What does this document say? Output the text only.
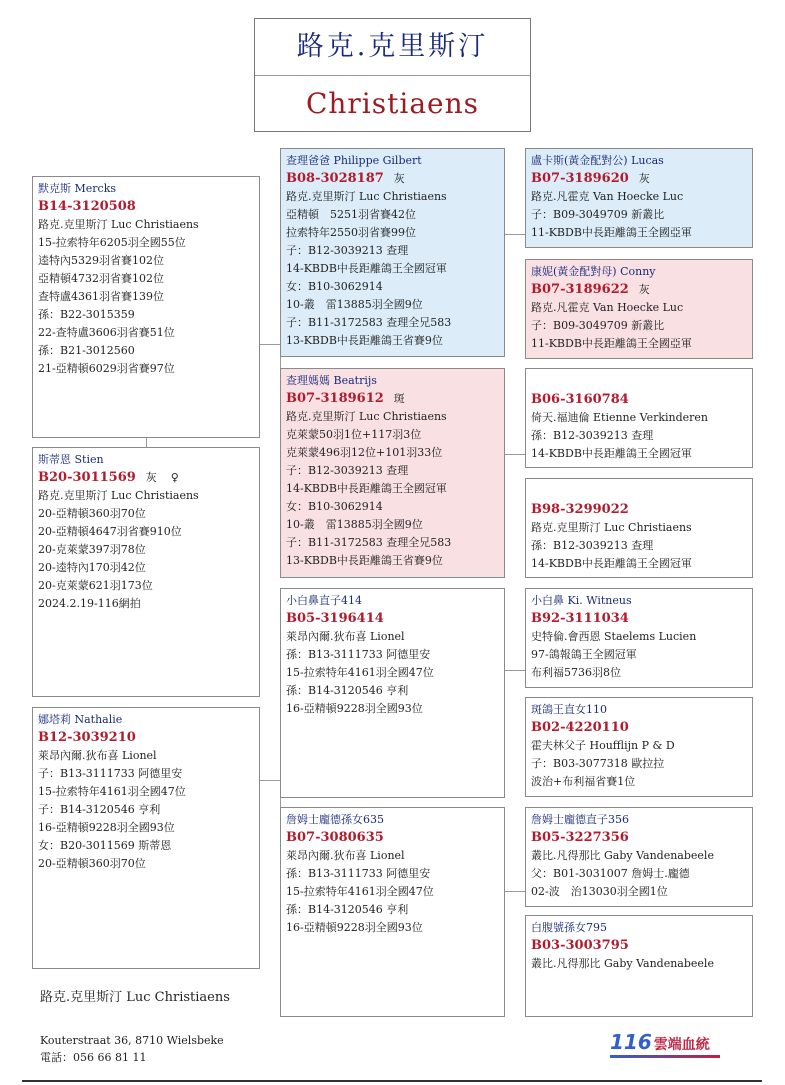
路克.克里斯汀
Christiaens
默克斯 Mercks
B14-3120508
路克.克里斯汀 Luc Christiaens
15-拉索特年6205羽全國55位
逵特內5329羽省賽102位
亞精頓4732羽省賽102位
查特盧4361羽省賽139位
孫：B22-3015359
22-查特盧3606羽省賽51位
孫：B21-3012560
21-亞精頓6029羽省賽97位
斯蒂恩 Stien
B20-3011569 灰 ♀
路克.克里斯汀 Luc Christiaens
20-亞精頓360羽70位
20-亞精頓4647羽省賽910位
20-克萊蒙397羽78位
20-逵特內170羽42位
20-克萊蒙621羽173位
2024.2.19-116網拍
娜塔莉 Nathalie
B12-3039210
萊昂內爾.狄布喜 Lionel
子：B13-3111733 阿德里安
15-拉索特年4161羽全國47位
子：B14-3120546 亨利
16-亞精頓9228羽全國93位
女：B20-3011569 斯蒂恩
20-亞精頓360羽70位
查理爸爸 Philippe Gilbert
B08-3028187 灰
路克.克里斯汀 Luc Christiaens
亞精頓　5251羽省賽42位
拉索特年2550羽省賽99位
子：B12-3039213 查理
14-KBDB中長距離鴿王全國冠軍
女：B10-3062914
10-叢　雷13885羽全國9位
子：B11-3172583 查理全兄583
13-KBDB中長距離鴿王省賽9位
查理媽媽 Beatrijs
B07-3189612 斑
路克.克里斯汀 Luc Christiaens
克萊蒙50羽1位+117羽3位
克萊蒙496羽12位+101羽33位
子：B12-3039213 查理
14-KBDB中長距離鴿王全國冠軍
女：B10-3062914
10-叢　雷13885羽全國9位
子：B11-3172583 查理全兄583
13-KBDB中長距離鴿王省賽9位
小白鼻直子414
B05-3196414
萊昂內爾.狄布喜 Lionel
孫：B13-3111733 阿德里安
15-拉索特年4161羽全國47位
孫：B14-3120546 亨利
16-亞精頓9228羽全國93位
詹姆士龐德孫女635
B07-3080635
萊昂內爾.狄布喜 Lionel
孫：B13-3111733 阿德里安
15-拉索特年4161羽全國47位
孫：B14-3120546 亨利
16-亞精頓9228羽全國93位
盧卡斯(黃金配對公) Lucas
B07-3189620 灰
路克.凡霍克 Van Hoecke Luc
子：B09-3049709 新叢比
11-KBDB中長距離鴿王全國亞軍
康妮(黃金配對母) Conny
B07-3189622 灰
路克.凡霍克 Van Hoecke Luc
子：B09-3049709 新叢比
11-KBDB中長距離鴿王全國亞軍
B06-3160784
倚天.福迪倫 Etienne Verkinderen
孫：B12-3039213 查理
14-KBDB中長距離鴿王全國冠軍
B98-3299022
路克.克里斯汀 Luc Christiaens
孫：B12-3039213 查理
14-KBDB中長距離鴿王全國冠軍
小白鼻 Ki. Witneus
B92-3111034
史特倫.會西恩 Staelems Lucien
97-鴿報鴿王全國冠軍
布利福5736羽8位
斑鴿王直女110
B02-4220110
霍夫林父子 Houfflijn P & D
子：B03-3077318 歐拉拉
波治+布利福省賽1位
詹姆士龐德直子356
B05-3227356
叢比.凡得那比 Gaby Vandenabeele
父：B01-3031007 詹姆士.龐德
02-波　治13030羽全國1位
白腹號孫女795
B03-3003795
叢比.凡得那比 Gaby Vandenabeele
路克.克里斯汀 Luc Christiaens
Kouterstraat 36, 8710 Wielsbeke
電話：056 66 81 11
116 雲端血統
